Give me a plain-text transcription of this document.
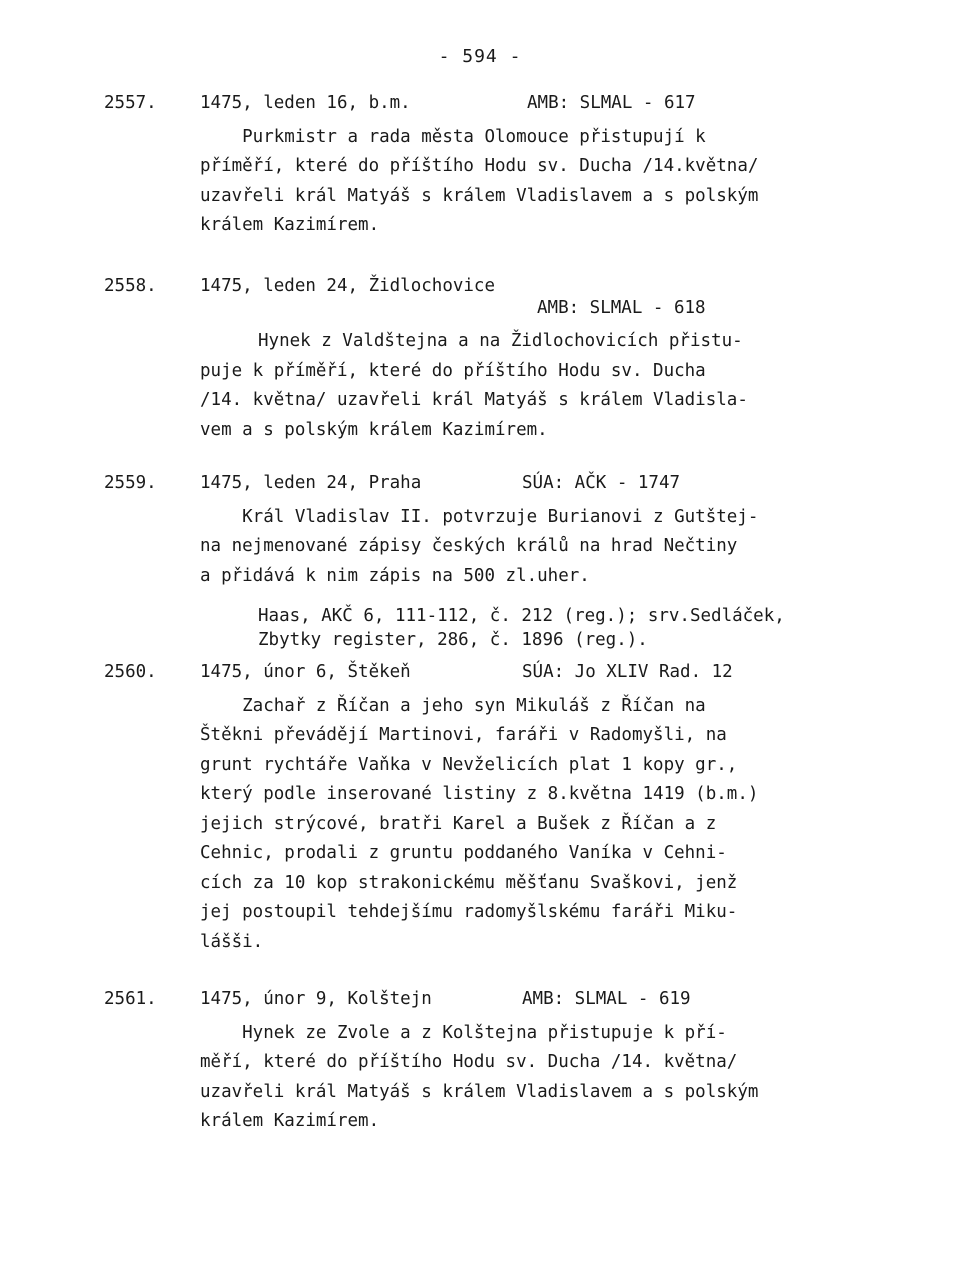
- 594 -
2557. 1475, leden 16, b.m.	AMB: SLMAL - 617
Purkmistr a rada města Olomouce přistupují k
příměří, které do příštího Hodu sv. Ducha /14.května/
uzavřeli král Matyáš s králem Vladislavem a s polským
králem Kazimírem.
2558. 1475, leden 24, Židlochovice
AMB: SLMAL - 618
Hynek z Valdštejna a na Židlochovicích přistu-
puje k příměří, které do příštího Hodu sv. Ducha
/14. května/ uzavřeli král Matyáš s králem Vladisla-
vem a s polským králem Kazimírem.
2559. 1475, leden 24, Praha	SÚA: AČK - 1747
Král Vladislav II. potvrzuje Burianovi z Gutštej-
na nejmenované zápisy českých králů na hrad Nečtiny
a přidává k nim zápis na 500 zl.uher.
Haas, AKČ 6, 111-112, č. 212 (reg.); srv.Sedláček,
Zbytky register, 286, č. 1896 (reg.).
2560. 1475, únor 6, Štěkeň	SÚA: Jo XLIV Rad. 12
Zachař z Říčan a jeho syn Mikuláš z Říčan na
Štěkni převádějí Martinovi, faráři v Radomyšli, na
grunt rychtáře Vaňka v Nevželicích plat 1 kopy gr.,
který podle inserované listiny z 8.května 1419 (b.m.)
jejich strýcové, bratři Karel a Bušek z Říčan a z
Cehnic, prodali z gruntu poddaného Vaníka v Cehni-
cích za 10 kop strakonickému měšťanu Svaškovi, jenž
jej postoupil tehdejšímu radomyšlskému faráři Miku-
lášši.
2561. 1475, únor 9, Kolštejn	AMB: SLMAL - 619
Hynek ze Zvole a z Kolštejna přistupuje k pří-
měří, které do příštího Hodu sv. Ducha /14. května/
uzavřeli král Matyáš s králem Vladislavem a s polským
králem Kazimírem.
